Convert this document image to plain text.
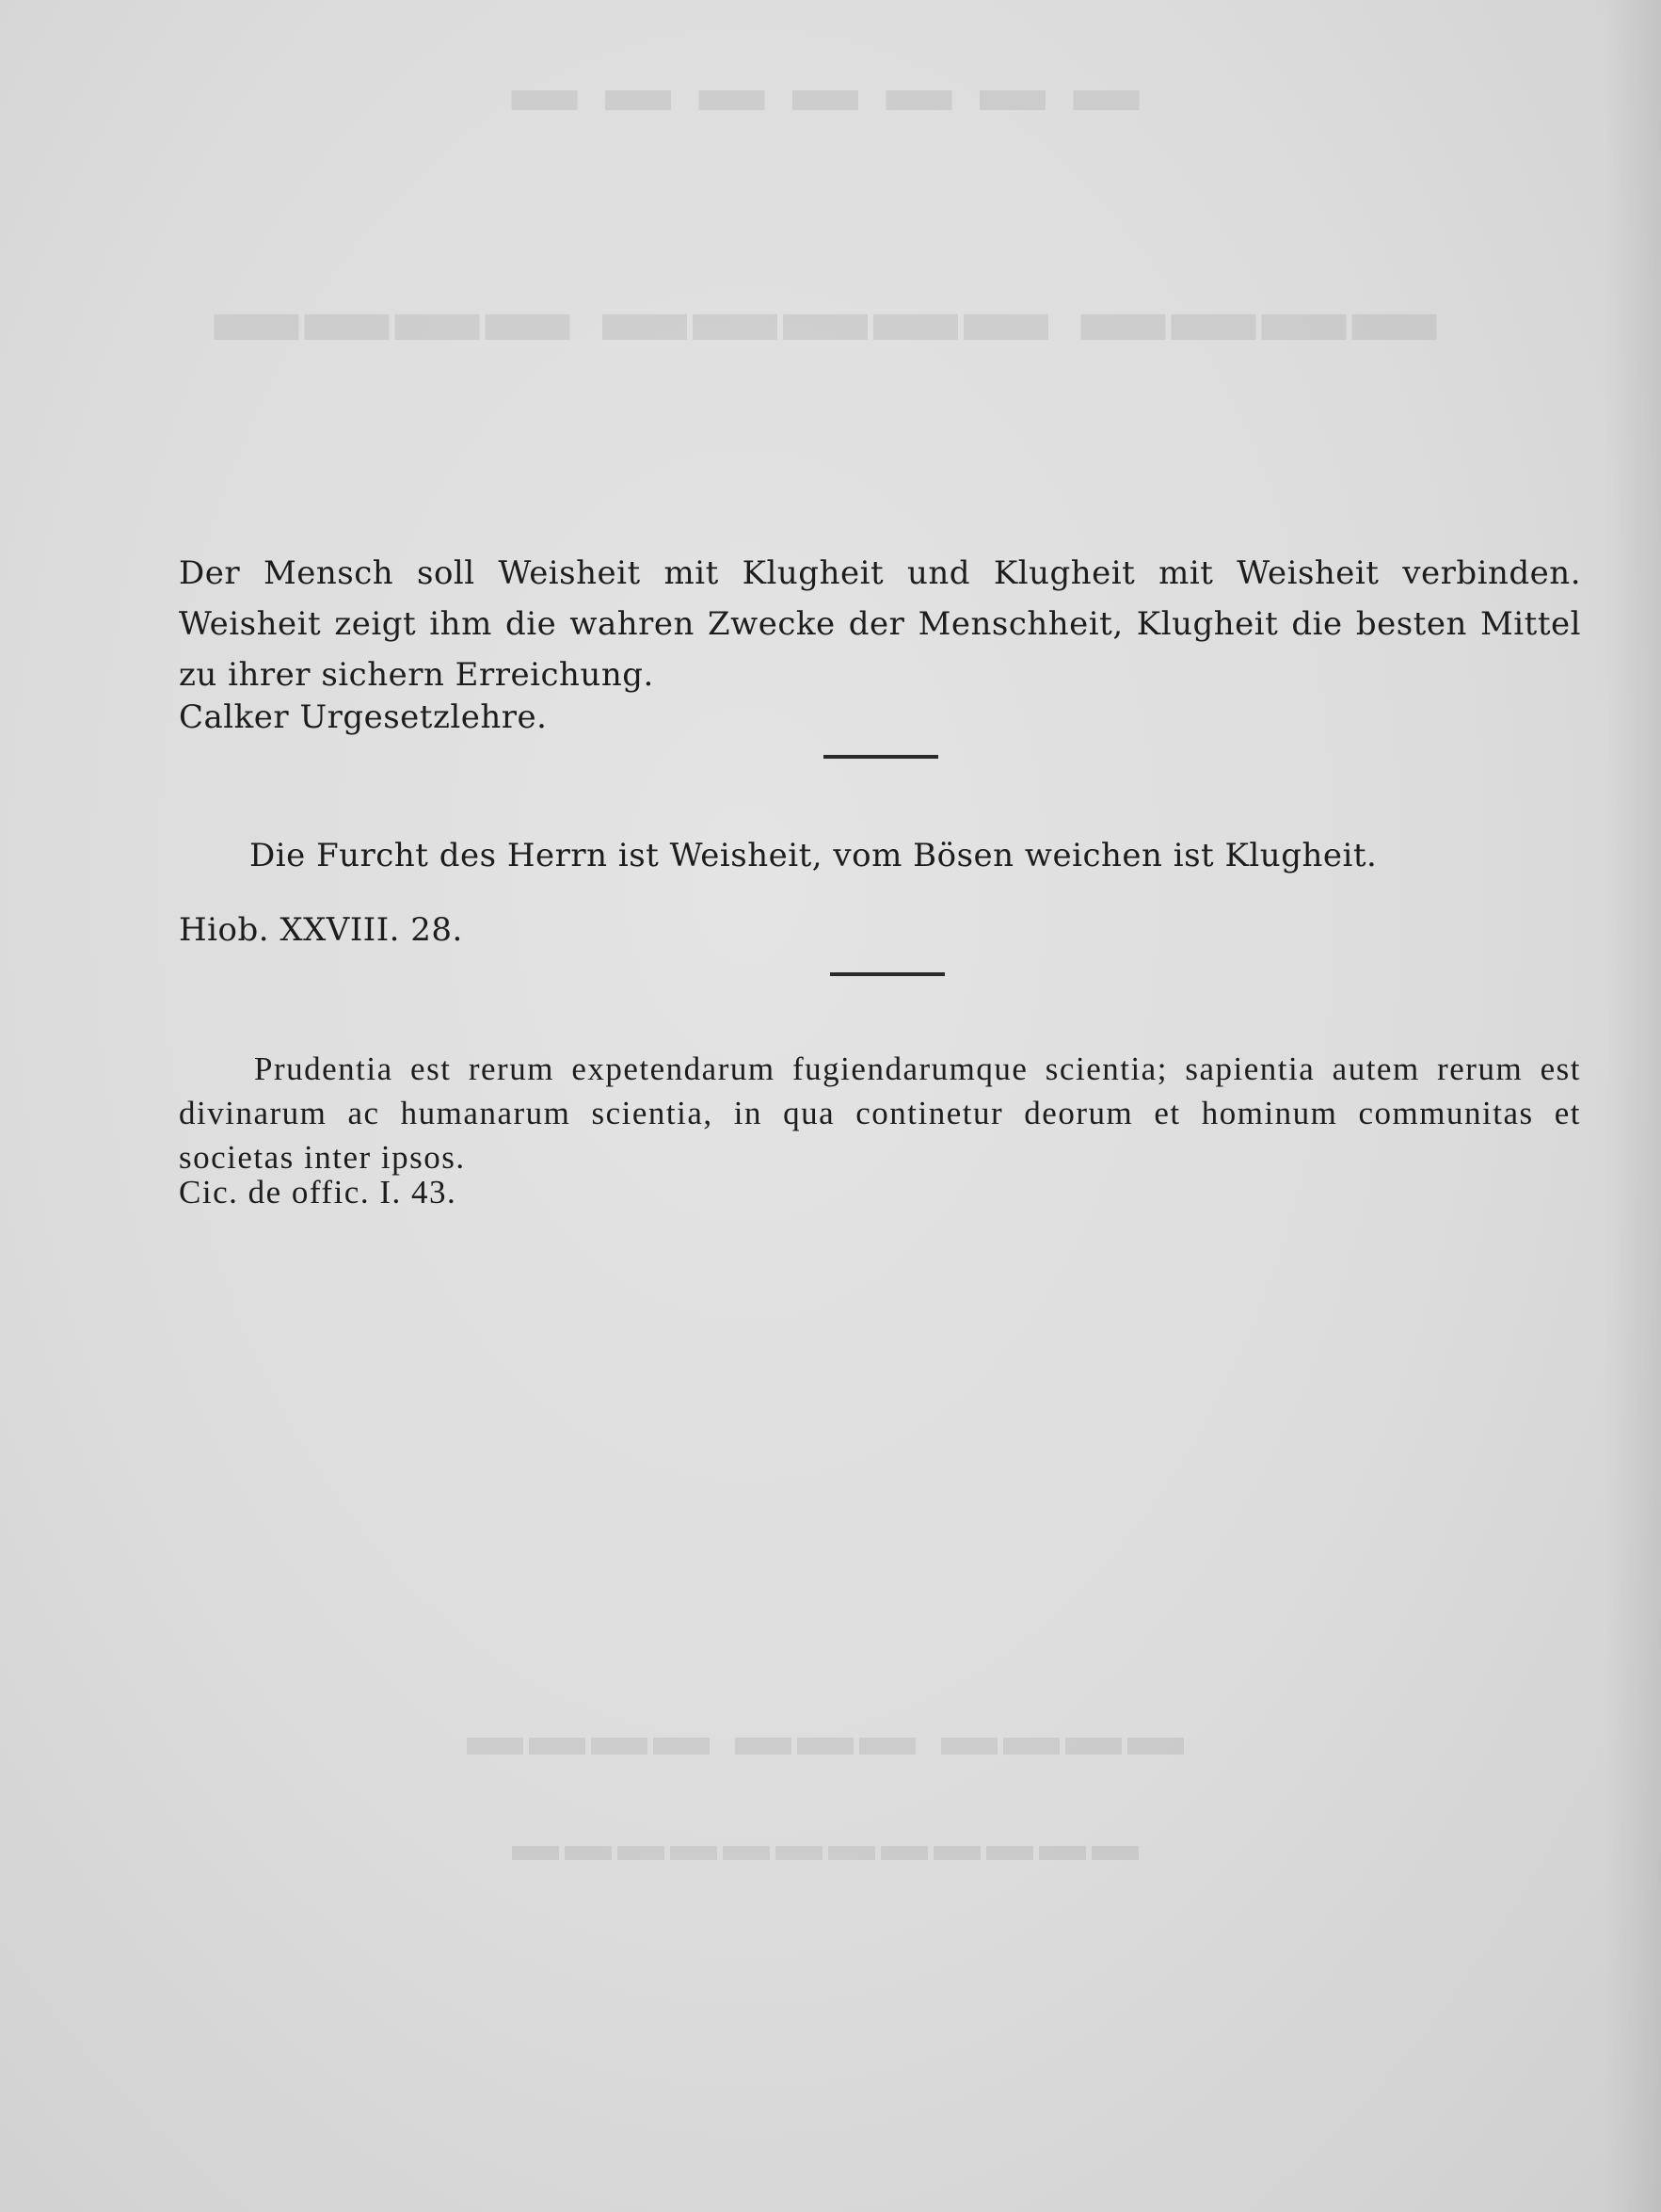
▬ ▬ ▬ ▬ ▬ ▬ ▬
▬▬▬▬ ▬▬▬▬▬ ▬▬▬▬
▬▬▬▬ ▬▬▬ ▬▬▬▬
▬▬▬▬▬▬▬▬▬▬▬▬

Der Mensch soll Weisheit mit Klugheit und Klugheit mit Weisheit verbinden. Weisheit zeigt ihm die wahren Zwecke der Menschheit, Klugheit die besten Mittel zu ihrer sichern Erreichung.

Calker Urgesetzlehre.

Die Furcht des Herrn ist Weisheit, vom Bösen weichen ist Klugheit.

Hiob. XXVIII. 28.

Prudentia est rerum expetendarum fugiendarumque scientia; sapientia autem rerum est divinarum ac humanarum scientia, in qua continetur deorum et hominum communitas et societas inter ipsos.

Cic. de offic. I. 43.
